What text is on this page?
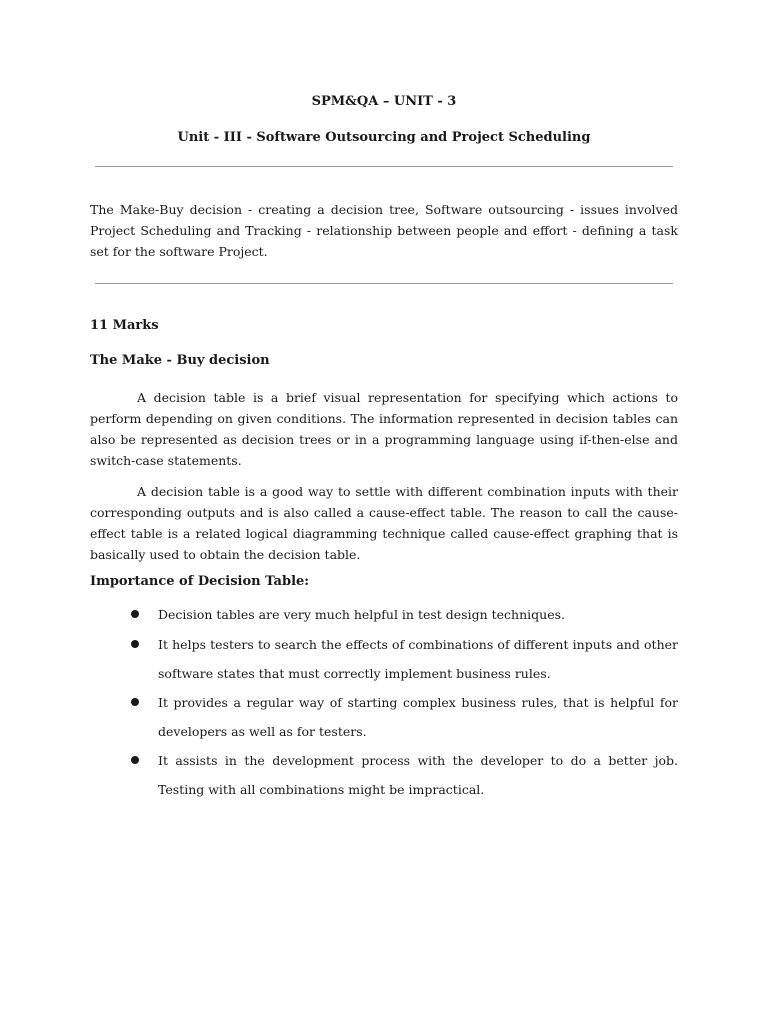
SPM&QA – UNIT - 3
Unit - III - Software Outsourcing and Project Scheduling

The Make-Buy decision - creating a decision tree, Software outsourcing - issues involved Project Scheduling and Tracking - relationship between people and effort - defining a task set for the software Project.

11 Marks
The Make - Buy decision

A decision table is a brief visual representation for specifying which actions to perform depending on given conditions. The information represented in decision tables can also be represented as decision trees or in a programming language using if-then-else and switch-case statements.

A decision table is a good way to settle with different combination inputs with their corresponding outputs and is also called a cause-effect table. The reason to call the cause-effect table is a related logical diagramming technique called cause-effect graphing that is basically used to obtain the decision table.

Importance of Decision Table:
Decision tables are very much helpful in test design techniques.
It helps testers to search the effects of combinations of different inputs and other software states that must correctly implement business rules.
It provides a regular way of starting complex business rules, that is helpful for developers as well as for testers.
It assists in the development process with the developer to do a better job. Testing with all combinations might be impractical.
